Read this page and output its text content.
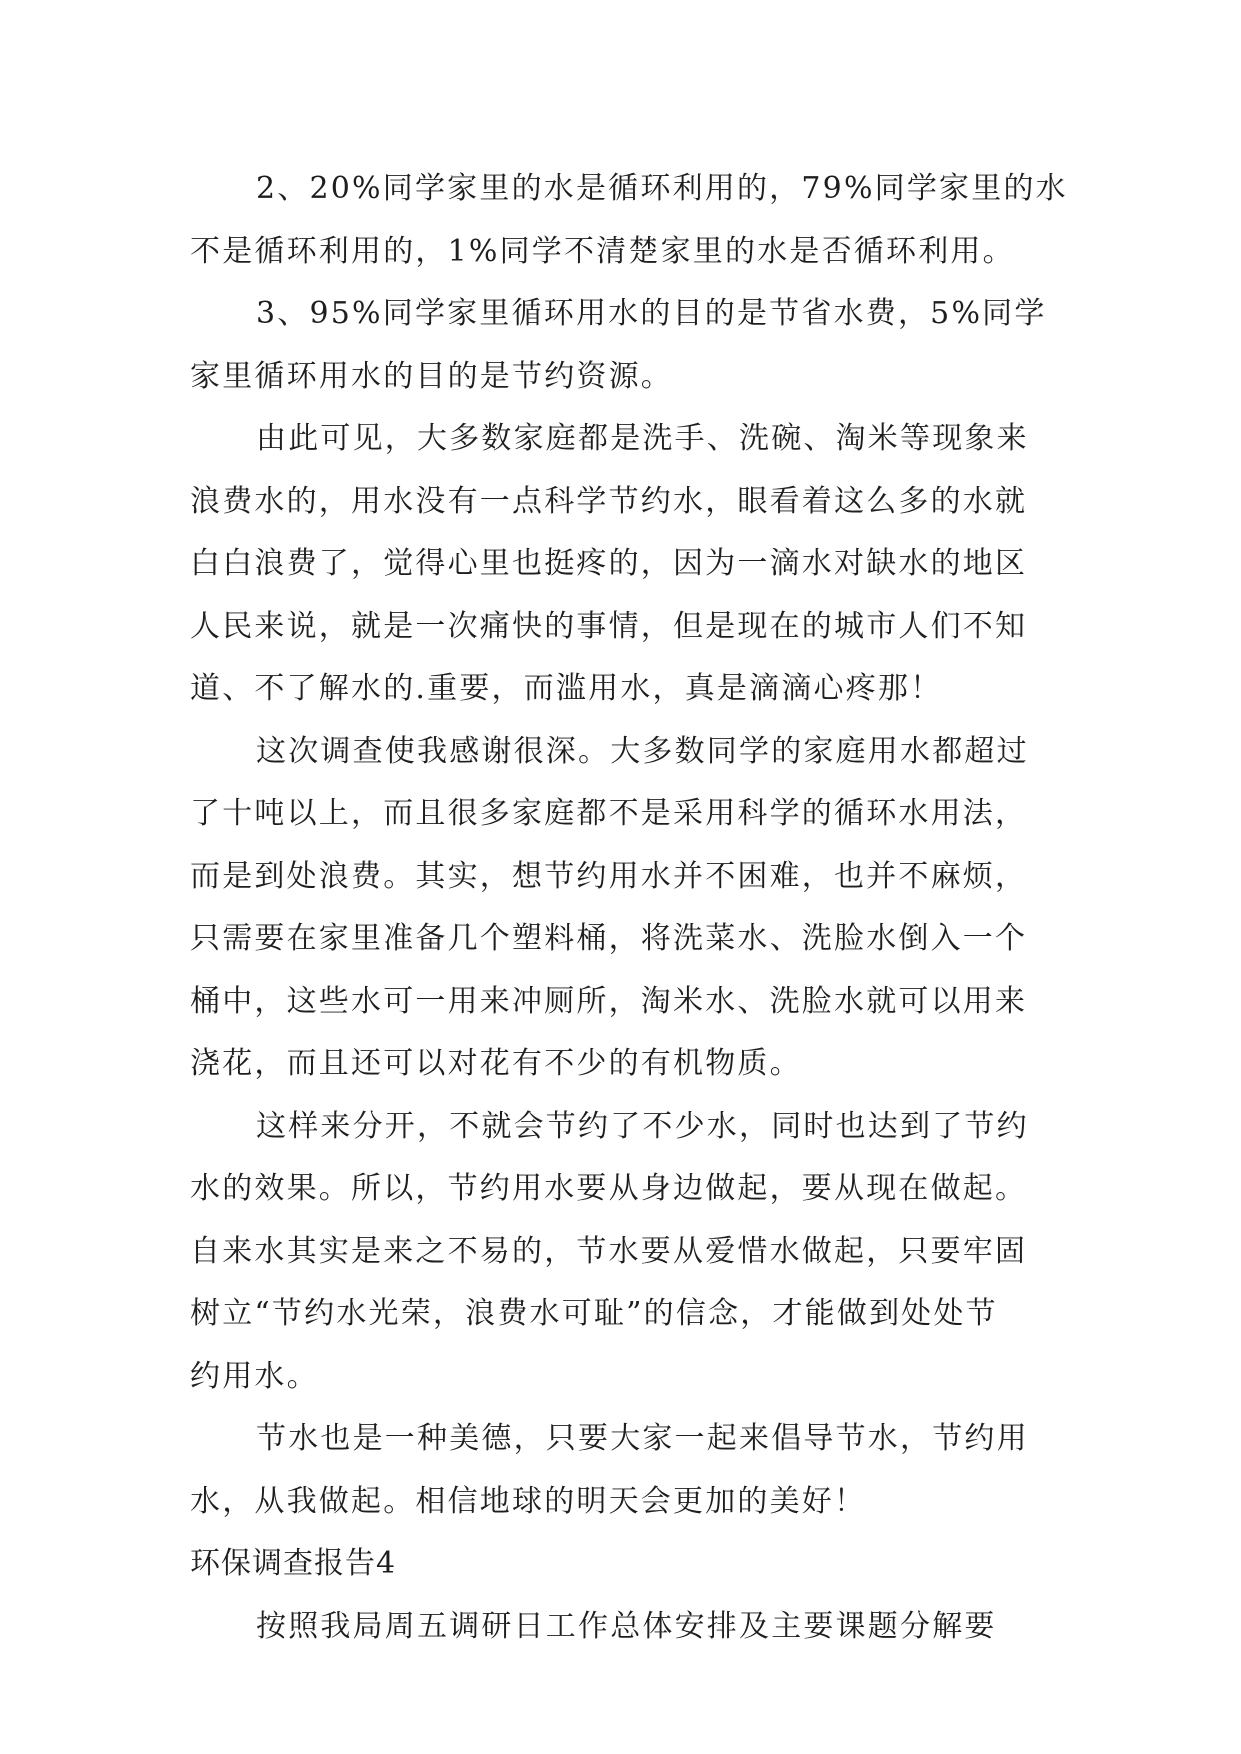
2、20%同学家里的水是循环利用的，79%同学家里的水
不是循环利用的，1%同学不清楚家里的水是否循环利用。
3、95%同学家里循环用水的目的是节省水费，5%同学
家里循环用水的目的是节约资源。
由此可见，大多数家庭都是洗手、洗碗、淘米等现象来
浪费水的，用水没有一点科学节约水，眼看着这么多的水就
白白浪费了，觉得心里也挺疼的，因为一滴水对缺水的地区
人民来说，就是一次痛快的事情，但是现在的城市人们不知
道、不了解水的.重要，而滥用水，真是滴滴心疼那！
这次调查使我感谢很深。大多数同学的家庭用水都超过
了十吨以上，而且很多家庭都不是采用科学的循环水用法，
而是到处浪费。其实，想节约用水并不困难，也并不麻烦，
只需要在家里准备几个塑料桶，将洗菜水、洗脸水倒入一个
桶中，这些水可一用来冲厕所，淘米水、洗脸水就可以用来
浇花，而且还可以对花有不少的有机物质。
这样来分开，不就会节约了不少水，同时也达到了节约
水的效果。所以，节约用水要从身边做起，要从现在做起。
自来水其实是来之不易的，节水要从爱惜水做起，只要牢固
树立“节约水光荣，浪费水可耻”的信念，才能做到处处节
约用水。
节水也是一种美德，只要大家一起来倡导节水，节约用
水，从我做起。相信地球的明天会更加的美好！
环保调查报告4
按照我局周五调研日工作总体安排及主要课题分解要
